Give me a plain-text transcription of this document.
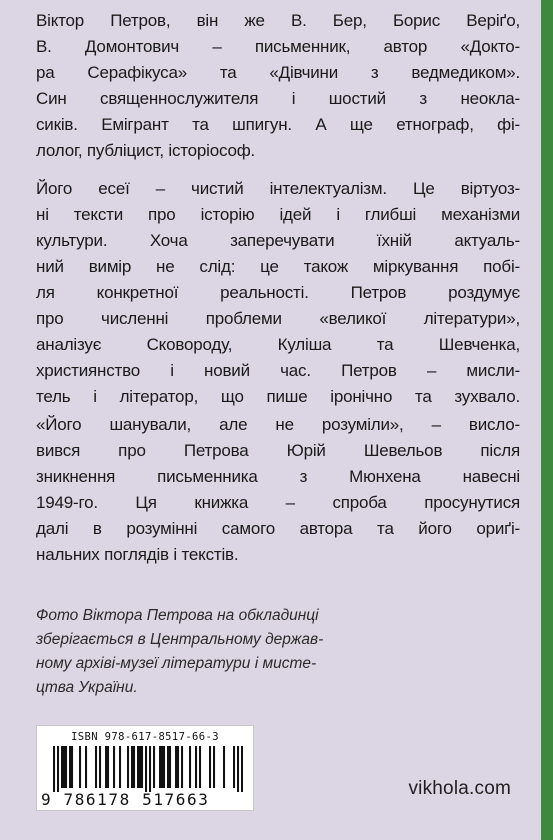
Віктор Петров, він же В. Бер, Борис Веріґо,
В. Домонтович – письменник, автор «Докто-
ра Серафікуса» та «Дівчини з ведмедиком».
Син священнослужителя і шостий з неокла-
сиків. Емігрант та шпигун. А ще етнограф, фі-
лолог, публіцист, історіософ.
Його есеї – чистий інтелектуалізм. Це віртуоз-
ні тексти про історію ідей і глибші механізми
культури. Хоча заперечувати їхній актуаль-
ний вимір не слід: це також міркування побі-
ля конкретної реальності. Петров роздумує
про численні проблеми «великої літератури»,
аналізує Сковороду, Куліша та Шевченка,
християнство і новий час. Петров – мисли-
тель і літератор, що пише іронічно та зухвало.
«Його шанували, але не розуміли», – висло-
вився про Петрова Юрій Шевельов після
зникнення письменника з Мюнхена навесні
1949-го. Ця книжка – спроба просунутися
далі в розумінні самого автора та його ориґі-
нальних поглядів і текстів.
Фото Віктора Петрова на обкладинці
зберігається в Центральному держав-
ному архіві-музеї літератури і мисте-
цтва України.
ISBN 978-617-8517-66-3
9 786178 517663
vikhola.com
